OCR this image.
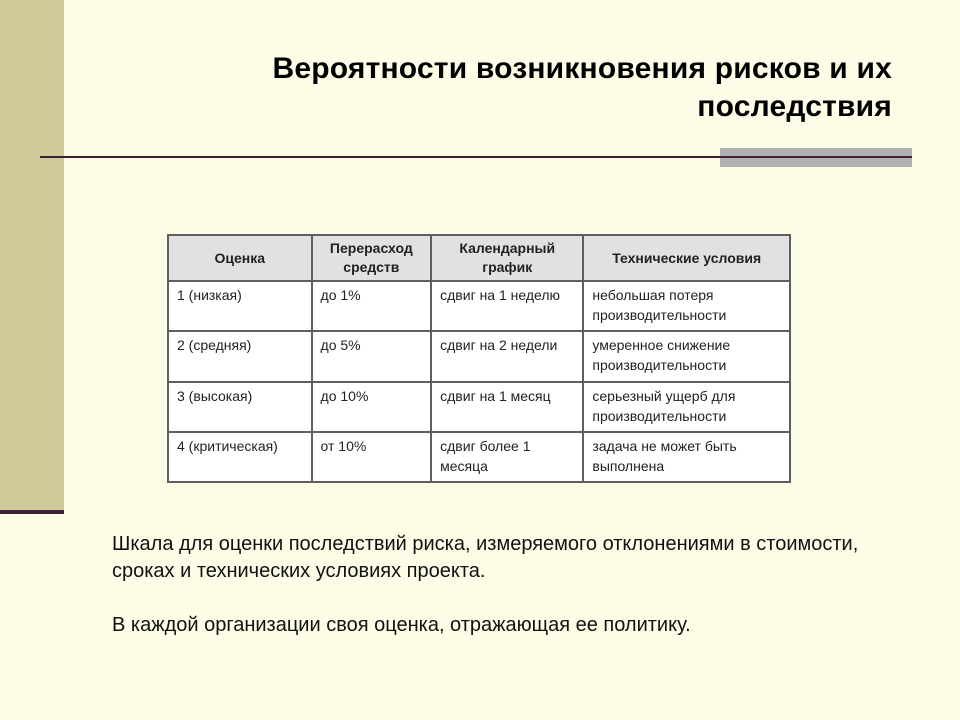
Вероятности возникновения рисков и их последствия
Оценка	Перерасход средств	Календарный график	Технические условия
1 (низкая)	до 1%	сдвиг на 1 неделю	небольшая потеря производительности
2 (средняя)	до 5%	сдвиг на 2 недели	умеренное снижение производительности
3 (высокая)	до 10%	сдвиг на 1 месяц	серьезный ущерб для производительности
4 (критическая)	от 10%	сдвиг более 1 месяца	задача не может быть выполнена

Шкала для оценки последствий риска, измеряемого отклонениями в стоимости, сроках и технических условиях проекта.

В каждой организации своя оценка, отражающая ее политику.
